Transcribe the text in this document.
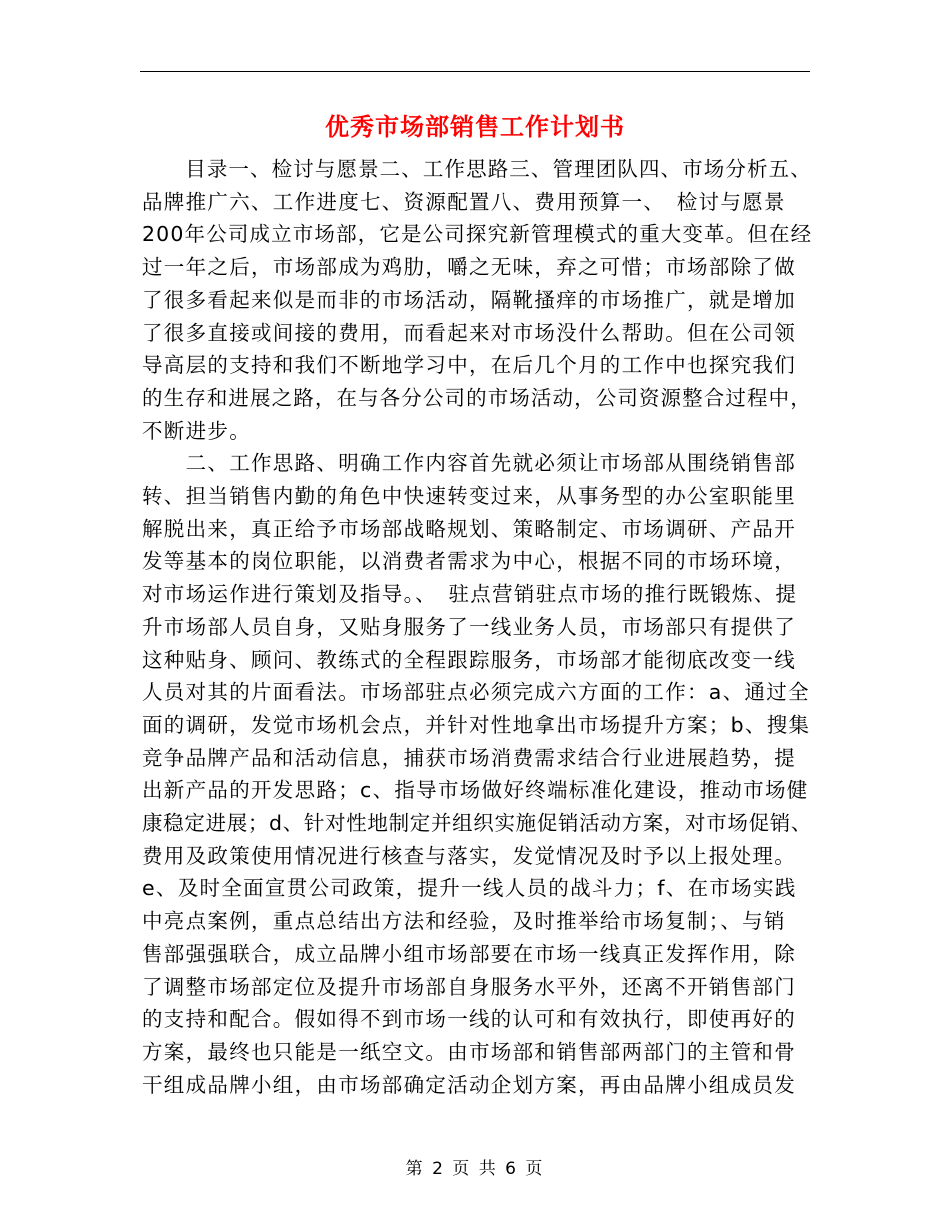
优秀市场部销售工作计划书
　　目录一、检讨与愿景二、工作思路三、管理团队四、市场分析五、
品牌推广六、工作进度七、资源配置八、费用预算一、　检讨与愿景
200年公司成立市场部，它是公司探究新管理模式的重大变革。但在经
过一年之后，市场部成为鸡肋，嚼之无味，弃之可惜；市场部除了做
了很多看起来似是而非的市场活动，隔靴搔痒的市场推广，就是增加
了很多直接或间接的费用，而看起来对市场没什么帮助。但在公司领
导高层的支持和我们不断地学习中，在后几个月的工作中也探究我们
的生存和进展之路，在与各分公司的市场活动，公司资源整合过程中，
不断进步。
　　二、工作思路、明确工作内容首先就必须让市场部从围绕销售部
转、担当销售内勤的角色中快速转变过来，从事务型的办公室职能里
解脱出来，真正给予市场部战略规划、策略制定、市场调研、产品开
发等基本的岗位职能，以消费者需求为中心，根据不同的市场环境，
对市场运作进行策划及指导。、　驻点营销驻点市场的推行既锻炼、提
升市场部人员自身，又贴身服务了一线业务人员，市场部只有提供了
这种贴身、顾问、教练式的全程跟踪服务，市场部才能彻底改变一线
人员对其的片面看法。市场部驻点必须完成六方面的工作：a、通过全
面的调研，发觉市场机会点，并针对性地拿出市场提升方案；b、搜集
竞争品牌产品和活动信息，捕获市场消费需求结合行业进展趋势，提
出新产品的开发思路；c、指导市场做好终端标准化建设，推动市场健
康稳定进展；d、针对性地制定并组织实施促销活动方案，对市场促销、
费用及政策使用情况进行核查与落实，发觉情况及时予以上报处理。
e、及时全面宣贯公司政策，提升一线人员的战斗力；f、在市场实践
中亮点案例，重点总结出方法和经验，及时推举给市场复制；、与销
售部强强联合，成立品牌小组市场部要在市场一线真正发挥作用，除
了调整市场部定位及提升市场部自身服务水平外，还离不开销售部门
的支持和配合。假如得不到市场一线的认可和有效执行，即使再好的
方案，最终也只能是一纸空文。由市场部和销售部两部门的主管和骨
干组成品牌小组，由市场部确定活动企划方案，再由品牌小组成员发
第 2 页 共 6 页
